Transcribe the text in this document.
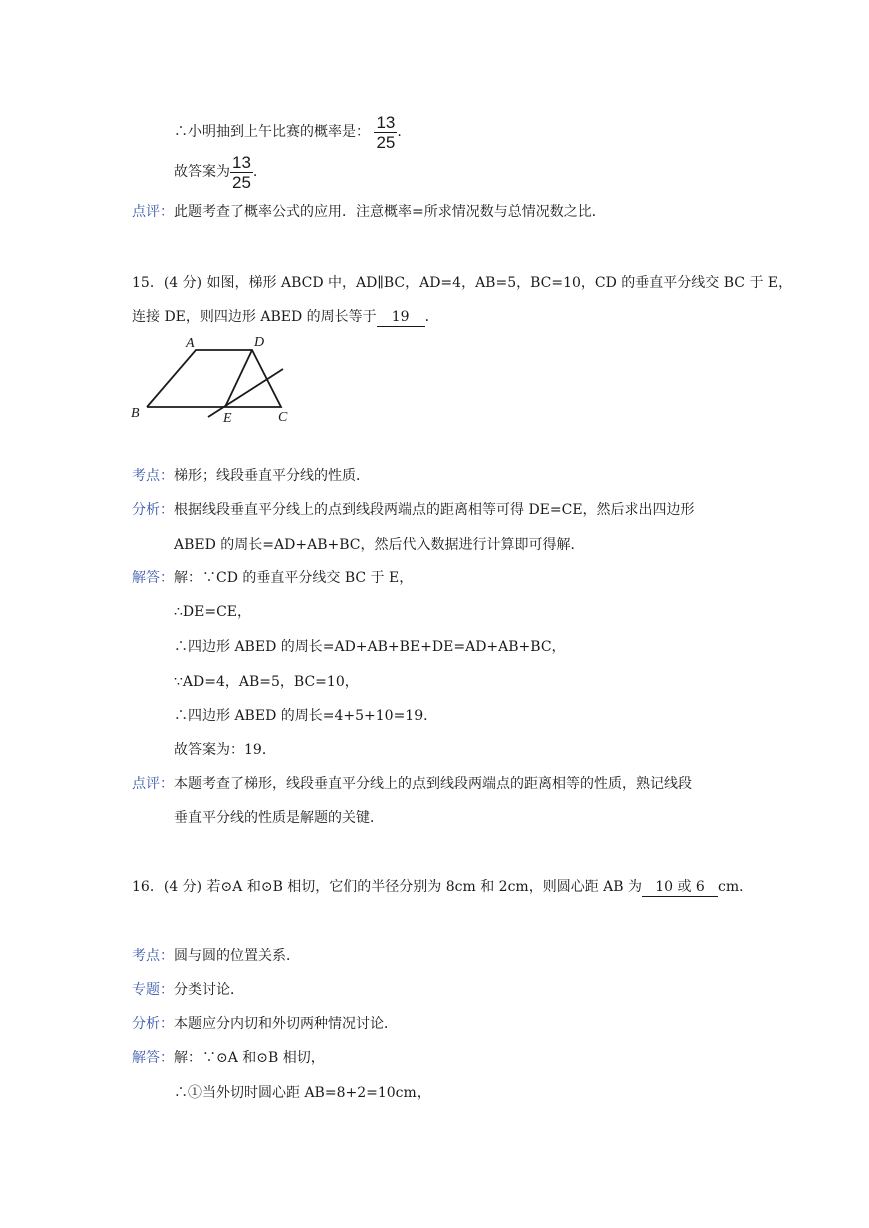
∴小明抽到上午比赛的概率是： $\frac{13}{25}$ .
故答案为 $\frac{13}{25}$ .
点评：此题考查了概率公式的应用．注意概率=所求情况数与总情况数之比．
15．(4 分) 如图，梯形 ABCD 中，AD∥BC，AD=4，AB=5，BC=10，CD 的垂直平分线交 BC 于 E，
连接 DE，则四边形 ABED 的周长等于 19 ．
A	D
B	E	C
考点：梯形；线段垂直平分线的性质．
分析：根据线段垂直平分线上的点到线段两端点的距离相等可得 DE=CE，然后求出四边形
ABED 的周长=AD+AB+BC，然后代入数据进行计算即可得解．
解答：解：∵CD 的垂直平分线交 BC 于 E，
∴DE=CE，
∴四边形 ABED 的周长=AD+AB+BE+DE=AD+AB+BC，
∵AD=4，AB=5，BC=10，
∴四边形 ABED 的周长=4+5+10=19．
故答案为：19．
点评：本题考查了梯形，线段垂直平分线上的点到线段两端点的距离相等的性质，熟记线段
垂直平分线的性质是解题的关键．
16．(4 分) 若⊙A 和⊙B 相切，它们的半径分别为 8cm 和 2cm，则圆心距 AB 为 10 或 6 cm．
考点：圆与圆的位置关系．
专题：分类讨论．
分析：本题应分内切和外切两种情况讨论．
解答：解：∵⊙A 和⊙B 相切，
∴①当外切时圆心距 AB=8+2=10cm，
